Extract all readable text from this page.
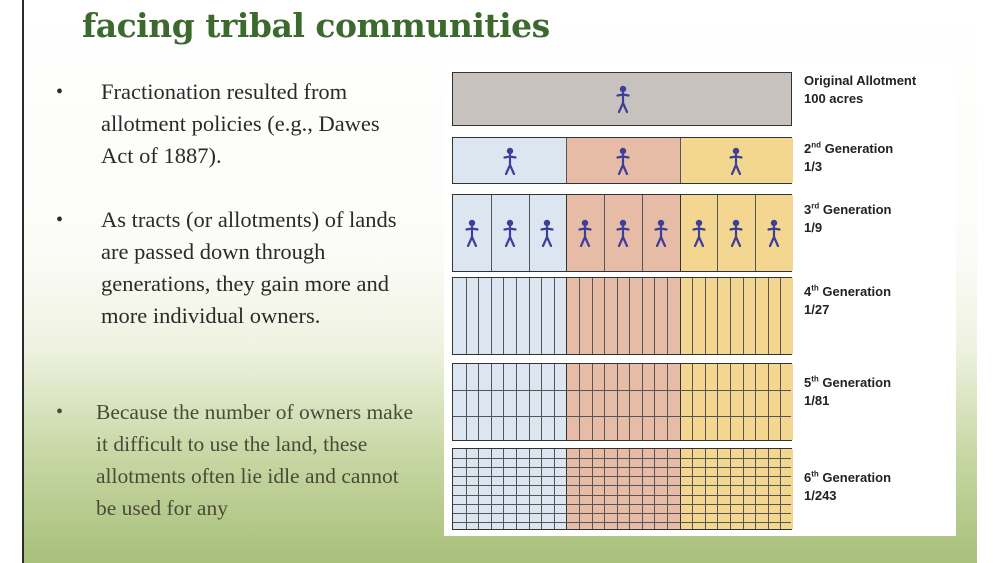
facing tribal communities
• Fractionation resulted from allotment policies (e.g., Dawes Act of 1887).
• As tracts (or allotments) of lands are passed down through generations, they gain more and more individual owners.
• Because the number of owners make it difficult to use the land, these allotments often lie idle and cannot be used for any
Original Allotment
100 acres
2nd Generation
1/3
3rd Generation
1/9
4th Generation
1/27
5th Generation
1/81
6th Generation
1/243
